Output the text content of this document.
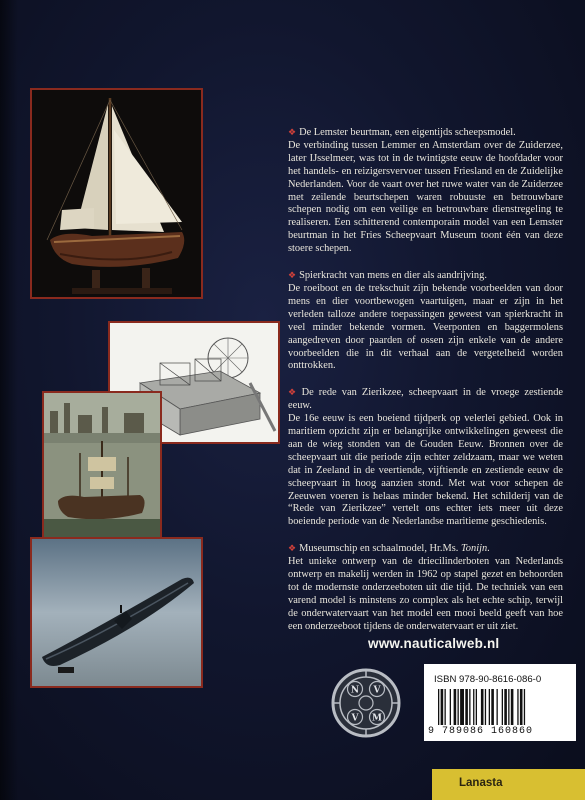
❖ De Lemster beurtman, een eigentijds scheepsmodel.
De verbinding tussen Lemmer en Amsterdam over de Zuiderzee, later IJsselmeer, was tot in de twintigste eeuw de hoofdader voor het handels- en reizigersvervoer tussen Friesland en de Zuidelijke Nederlanden. Voor de vaart over het ruwe water van de Zuiderzee met zeilende beurtschepen waren robuuste en betrouwbare schepen nodig om een veilige en betrouwbare dienstregeling te realiseren. Een schitterend contemporain model van een Lemster beurtman in het Fries Scheepvaart Museum toont één van deze stoere schepen.

❖ Spierkracht van mens en dier als aandrijving.
De roeiboot en de trekschuit zijn bekende voorbeelden van door mens en dier voortbewogen vaartuigen, maar er zijn in het verleden talloze andere toepassingen geweest van spierkracht in veel minder bekende vormen. Veerponten en baggermolens aangedreven door paarden of ossen zijn enkele van de andere voorbeelden die in dit verhaal aan de vergetelheid worden onttrokken.

❖ De rede van Zierikzee, scheepvaart in de vroege zestiende eeuw.
De 16e eeuw is een boeiend tijdperk op velerlei gebied. Ook in maritiem opzicht zijn er belangrijke ontwikkelingen geweest die aan de wieg stonden van de Gouden Eeuw. Bronnen over de scheepvaart uit die periode zijn echter zeldzaam, maar we weten dat in Zeeland in de veertiende, vijftiende en zestiende eeuw de scheepvaart in hoog aanzien stond. Met wat voor schepen de Zeeuwen voeren is helaas minder bekend. Het schilderij van de “Rede van Zierikzee” vertelt ons echter iets meer uit deze boeiende periode van de Nederlandse maritieme geschiedenis.

❖ Museumschip en schaalmodel, Hr.Ms. Tonijn.
Het unieke ontwerp van de driecilinderboten van Nederlands ontwerp en makelij werden in 1962 op stapel gezet en behoorden tot de modernste onderzeeboten uit die tijd. De techniek van een varend model is minstens zo complex als het echte schip, terwijl de onderwatervaart van het model een mooi beeld geeft van hoe een onderzeeboot tijdens de onderwatervaart er uit ziet.

www.nauticalweb.nl
N V
V M
ISBN 978-90-8616-086-0
9 789086 160860
Lanasta
